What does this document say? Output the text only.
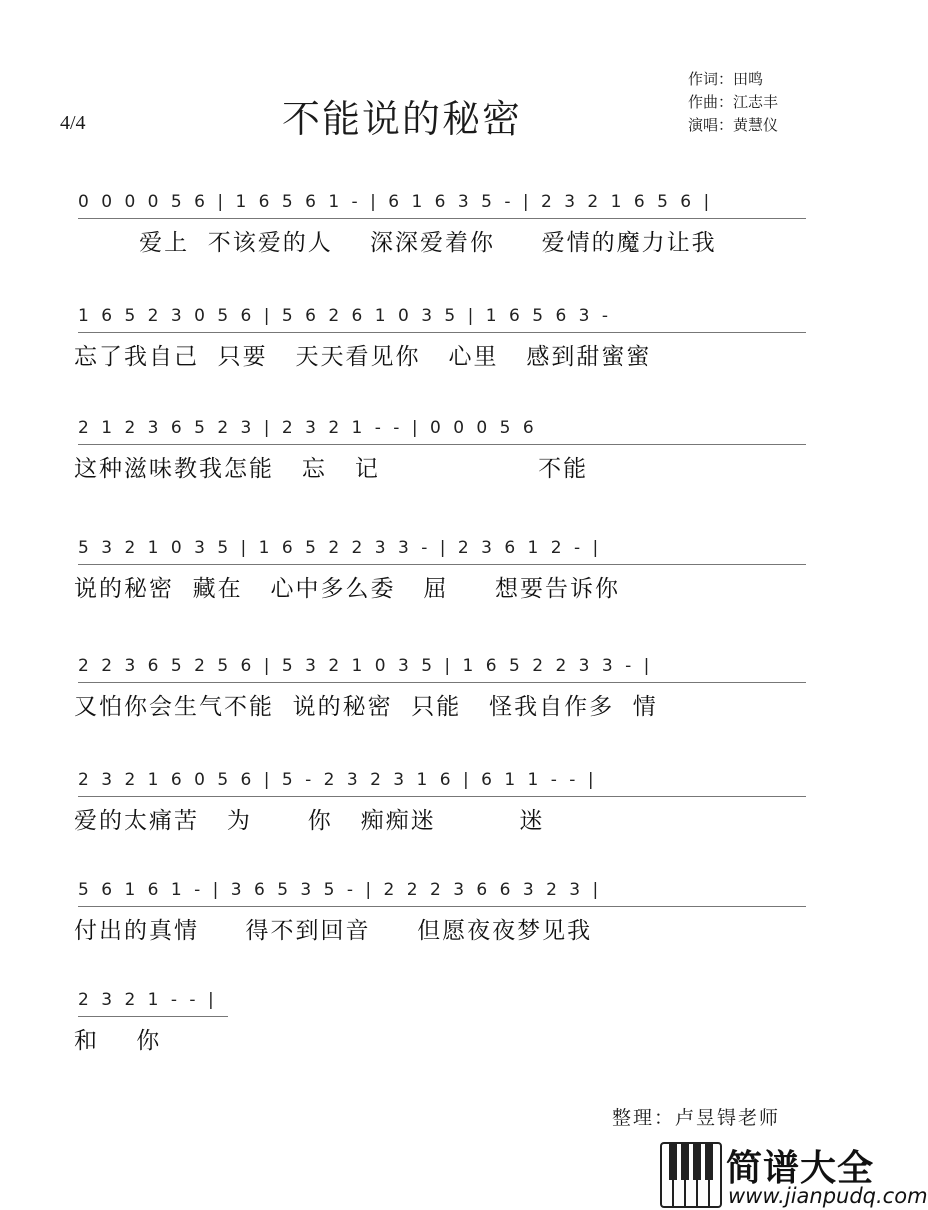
4/4	不能说的秘密
作词：田鸣
作曲：江志丰
演唱：黄慧仪
0 0 0 0 5 6 | 1 6 5 6 1 - | 6 1 6 3 5 - | 2 3 2 1 6 5 6 |
爱上  不该爱的人    深深爱着你     爱情的魔力让我
1 6 5 2 3 0 5 6 | 5 6 2 6 1 0 3 5 | 1 6 5 6 3 -
忘了我自己  只要   天天看见你   心里   感到甜蜜蜜
2 1 2 3 6 5 2 3 | 2 3 2 1 - - | 0 0 0 5 6
这种滋味教我怎能   忘   记                 不能
5 3 2 1 0 3 5 | 1 6 5 2 2 3 3 - | 2 3 6 1 2 - |
说的秘密  藏在   心中多么委   屈     想要告诉你
2 2 3 6 5 2 5 6 | 5 3 2 1 0 3 5 | 1 6 5 2 2 3 3 - |
又怕你会生气不能  说的秘密  只能   怪我自作多  情
2 3 2 1 6 0 5 6 | 5 - 2 3 2 3 1 6 | 6 1 1 - - |
爱的太痛苦   为      你   痴痴迷         迷
5 6 1 6 1 - | 3 6 5 3 5 - | 2 2 2 3 6 6 3 2 3 |
付出的真情     得不到回音     但愿夜夜梦见我
2 3 2 1 - - |
和    你
整理：卢昱锝老师
简谱大全
www.jianpudq.com
